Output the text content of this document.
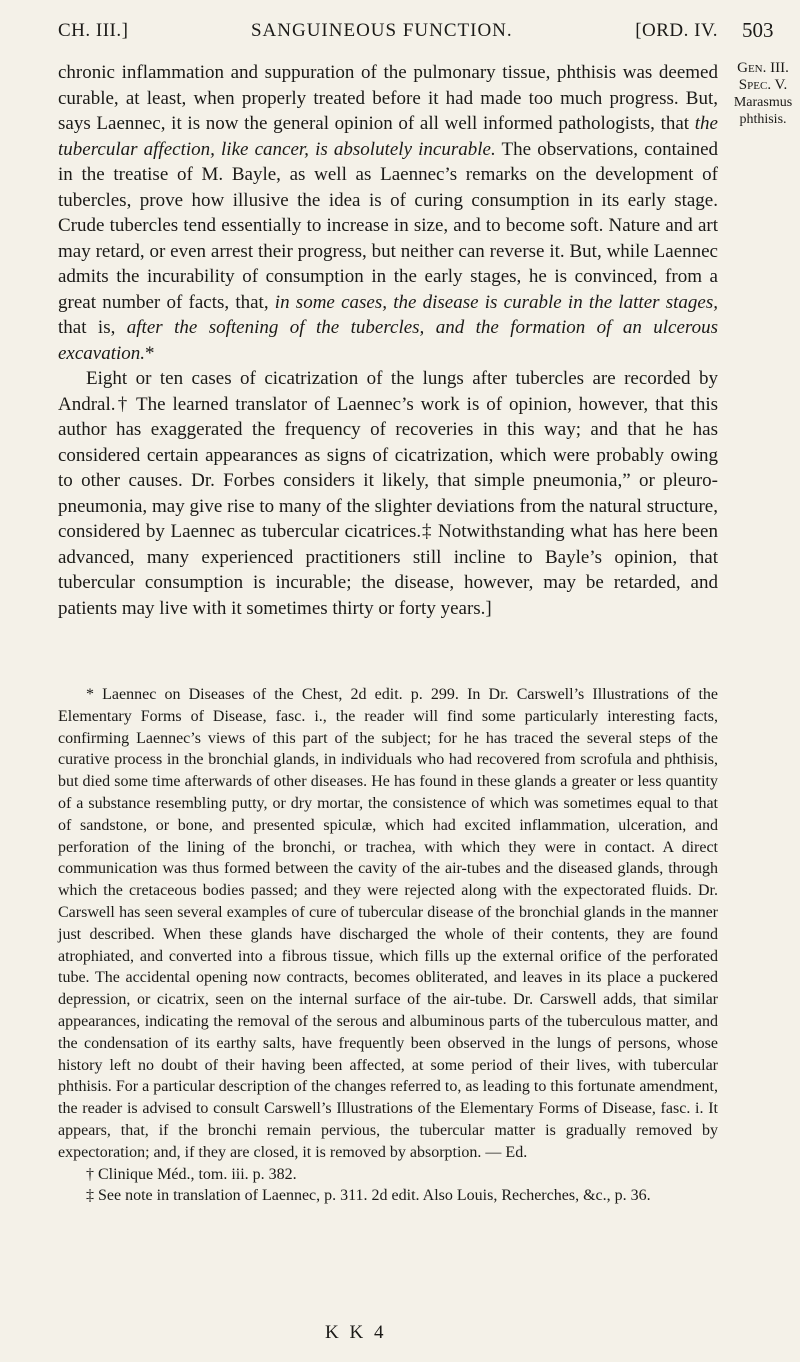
CH. III.]	SANGUINEOUS FUNCTION.	[ORD. IV. 503
Gen. III.
Spec. V.
Marasmus
phthisis.

chronic inflammation and suppuration of the pulmonary tissue, phthisis was deemed curable, at least, when properly treated before it had made too much progress. But, says Laennec, it is now the general opinion of all well informed pathologists, that the tubercular affection, like cancer, is absolutely incurable. The observations, contained in the treatise of M. Bayle, as well as Laennec’s remarks on the development of tubercles, prove how illusive the idea is of curing consumption in its early stage. Crude tubercles tend essentially to increase in size, and to become soft. Nature and art may retard, or even arrest their progress, but neither can reverse it. But, while Laennec admits the incurability of consumption in the early stages, he is convinced, from a great number of facts, that, in some cases, the disease is curable in the latter stages, that is, after the softening of the tubercles, and the formation of an ulcerous excavation.*

Eight or ten cases of cicatrization of the lungs after tubercles are recorded by Andral.† The learned translator of Laennec’s work is of opinion, however, that this author has exaggerated the frequency of recoveries in this way; and that he has considered certain appearances as signs of cicatrization, which were probably owing to other causes. Dr. Forbes considers it likely, that simple pneumonia,” or pleuro-pneumonia, may give rise to many of the slighter deviations from the natural structure, considered by Laennec as tubercular cicatrices.‡ Notwithstanding what has here been advanced, many experienced practitioners still incline to Bayle’s opinion, that tubercular consumption is incurable; the disease, however, may be retarded, and patients may live with it sometimes thirty or forty years.]

* Laennec on Diseases of the Chest, 2d edit. p. 299. In Dr. Carswell’s Illustrations of the Elementary Forms of Disease, fasc. i., the reader will find some particularly interesting facts, confirming Laennec’s views of this part of the subject; for he has traced the several steps of the curative process in the bronchial glands, in individuals who had recovered from scrofula and phthisis, but died some time afterwards of other diseases. He has found in these glands a greater or less quantity of a substance resembling putty, or dry mortar, the consistence of which was sometimes equal to that of sandstone, or bone, and presented spiculæ, which had excited inflammation, ulceration, and perforation of the lining of the bronchi, or trachea, with which they were in contact. A direct communication was thus formed between the cavity of the air-tubes and the diseased glands, through which the cretaceous bodies passed; and they were rejected along with the expectorated fluids. Dr. Carswell has seen several examples of cure of tubercular disease of the bronchial glands in the manner just described. When these glands have discharged the whole of their contents, they are found atrophiated, and converted into a fibrous tissue, which fills up the external orifice of the perforated tube. The accidental opening now contracts, becomes obliterated, and leaves in its place a puckered depression, or cicatrix, seen on the internal surface of the air-tube. Dr. Carswell adds, that similar appearances, indicating the removal of the serous and albuminous parts of the tuberculous matter, and the condensation of its earthy salts, have frequently been observed in the lungs of persons, whose history left no doubt of their having been affected, at some period of their lives, with tubercular phthisis. For a particular description of the changes referred to, as leading to this fortunate amendment, the reader is advised to consult Carswell’s Illustrations of the Elementary Forms of Disease, fasc. i. It appears, that, if the bronchi remain pervious, the tubercular matter is gradually removed by expectoration; and, if they are closed, it is removed by absorption. — Ed.

† Clinique Méd., tom. iii. p. 382.

‡ See note in translation of Laennec, p. 311. 2d edit. Also Louis, Recherches, &c., p. 36.

K K 4
